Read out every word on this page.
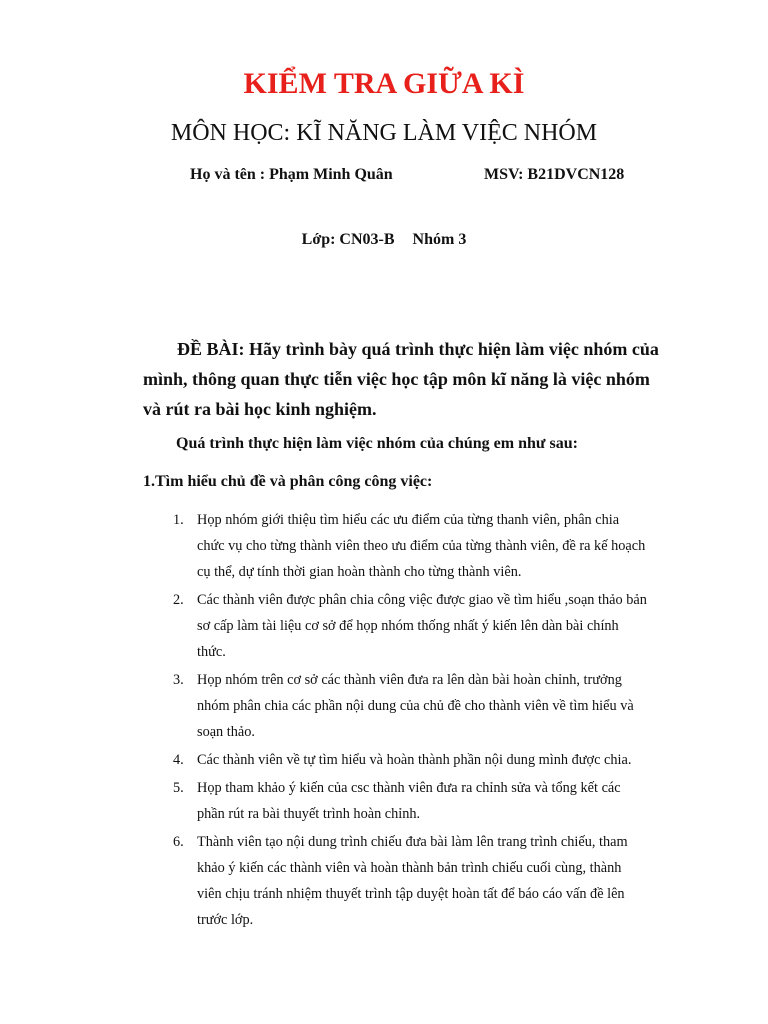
KIỂM TRA GIỮA KÌ
MÔN HỌC: KĨ NĂNG LÀM VIỆC NHÓM
Họ và tên : Phạm Minh Quân	MSV: B21DVCN128
Lớp: CN03-B Nhóm 3
ĐỀ BÀI: Hãy trình bày quá trình thực hiện làm việc nhóm của mình, thông quan thực tiễn việc học tập môn kĩ năng là việc nhóm và rút ra bài học kinh nghiệm.
Quá trình thực hiện làm việc nhóm của chúng em như sau:
1.Tìm hiểu chủ đề và phân công công việc:
1. Họp nhóm giới thiệu tìm hiểu các ưu điểm của từng thanh viên, phân chia chức vụ cho từng thành viên theo ưu điểm của từng thành viên, đề ra kế hoạch cụ thể, dự tính thời gian hoàn thành cho từng thành viên.
2. Các thành viên được phân chia công việc được giao về tìm hiểu ,soạn thảo bản sơ cấp làm tài liệu cơ sở để họp nhóm thống nhất ý kiến lên dàn bài chính thức.
3. Họp nhóm trên cơ sở các thành viên đưa ra lên dàn bài hoàn chỉnh, trưởng nhóm phân chia các phần nội dung của chủ đề cho thành viên về tìm hiểu và soạn thảo.
4. Các thành viên về tự tìm hiểu và hoàn thành phần nội dung mình được chia.
5. Họp tham khảo ý kiến của csc thành viên đưa ra chỉnh sửa và tổng kết các phần rút ra bài thuyết trình hoàn chỉnh.
6. Thành viên tạo nội dung trình chiếu đưa bài làm lên trang trình chiếu, tham khảo ý kiến các thành viên và hoàn thành bản trình chiếu cuối cùng, thành viên chịu tránh nhiệm thuyết trình tập duyệt hoàn tất để báo cáo vấn đề lên trước lớp.
